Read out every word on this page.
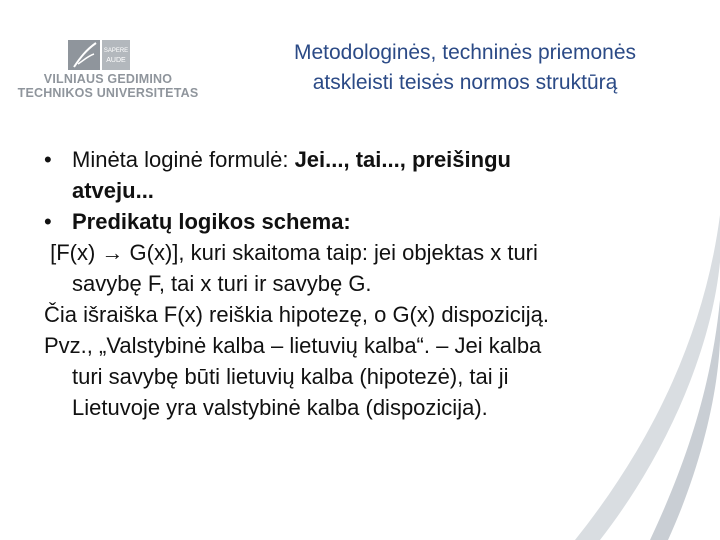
SAPERE
AUDE
VILNIAUS GEDIMINO
TECHNIKOS UNIVERSITETAS
Metodologinės, techninės priemonės
atskleisti teisės normos struktūrą
• Minėta loginė formulė: Jei..., tai..., preišingu
atveju...
• Predikatų logikos schema:
[F(x) → G(x)], kuri skaitoma taip: jei objektas x turi
savybę F, tai x turi ir savybę G.
Čia išraiška F(x) reiškia hipotezę, o G(x) dispoziciją.
Pvz., „Valstybinė kalba – lietuvių kalba“. – Jei kalba
turi savybę būti lietuvių kalba (hipotezė), tai ji
Lietuvoje yra valstybinė kalba (dispozicija).
